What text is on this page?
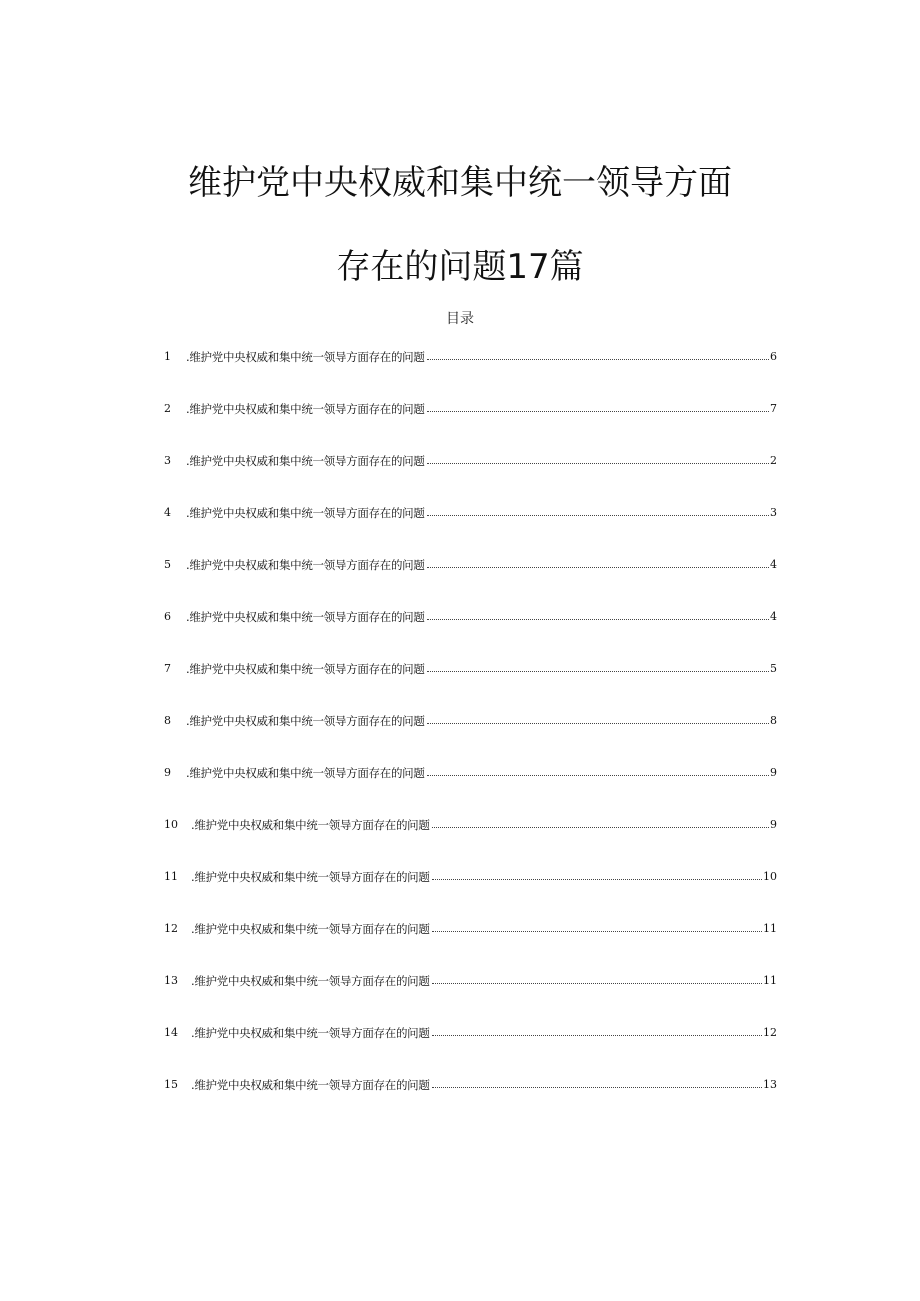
维护党中央权威和集中统一领导方面
存在的问题17篇
目录
1	.维护党中央权威和集中统一领导方面存在的问题	6
2	.维护党中央权威和集中统一领导方面存在的问题	7
3	.维护党中央权威和集中统一领导方面存在的问题	2
4	.维护党中央权威和集中统一领导方面存在的问题	3
5	.维护党中央权威和集中统一领导方面存在的问题	4
6	.维护党中央权威和集中统一领导方面存在的问题	4
7	.维护党中央权威和集中统一领导方面存在的问题	5
8	.维护党中央权威和集中统一领导方面存在的问题	8
9	.维护党中央权威和集中统一领导方面存在的问题	9
10	.维护党中央权威和集中统一领导方面存在的问题	9
11	.维护党中央权威和集中统一领导方面存在的问题	10
12	.维护党中央权威和集中统一领导方面存在的问题	11
13	.维护党中央权威和集中统一领导方面存在的问题	11
14	.维护党中央权威和集中统一领导方面存在的问题	12
15	.维护党中央权威和集中统一领导方面存在的问题	13
